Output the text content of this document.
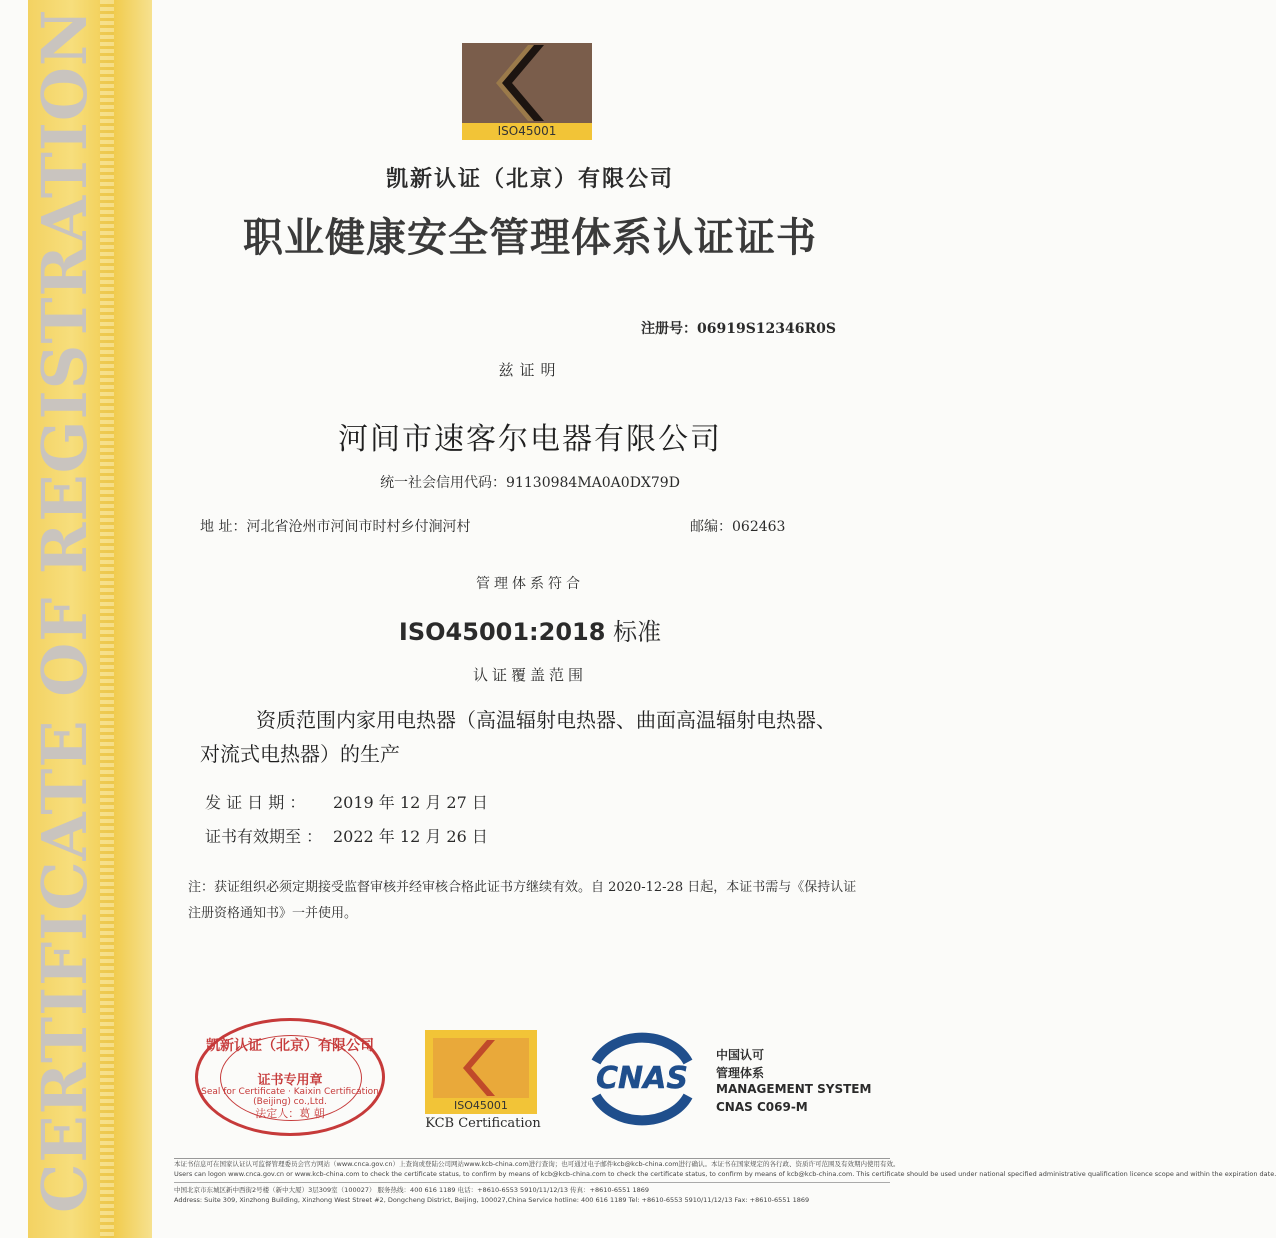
CERTIFICATE OF REGISTRATION	ISO45001
凯新认证（北京）有限公司
职业健康安全管理体系认证证书
注册号：06919S12346R0S
兹证明
河间市速客尔电器有限公司
统一社会信用代码：91130984MA0A0DX79D
地 址：河北省沧州市河间市时村乡付涧河村	邮编：062463
管理体系符合
ISO45001:2018 标准
认证覆盖范围
资质范围内家用电热器（高温辐射电热器、曲面高温辐射电热器、对流式电热器）的生产
发 证 日 期 ： 2019 年 12 月 27 日
证书有效期至 ： 2022 年 12 月 26 日
注：获证组织必须定期接受监督审核并经审核合格此证书方继续有效。自 2020-12-28 日起，本证书需与《保持认证注册资格通知书》一并使用。
凯新认证（北京）有限公司
证书专用章
Seal for Certificate · Kaixin Certification (Beijing) co.,Ltd.
法定人：葛 朝
ISO45001
KCB Certification
CNAS
中国认可
管理体系
MANAGEMENT SYSTEM
CNAS C069-M
本证书信息可在国家认证认可监督管理委员会官方网站（www.cnca.gov.cn）上查询或登陆公司网站www.kcb-china.com进行查询；也可通过电子邮件kcb@kcb-china.com进行确认。本证书在国家规定的各行政、资质许可范围及有效期内使用有效。
Users can logon www.cnca.gov.cn or www.kcb-china.com to check the certificate status, to confirm by means of kcb@kcb-china.com to check the certificate status, to confirm by means of kcb@kcb-china.com. This certificate should be used under national specified administrative qualification licence scope and within the expiration date.
中国北京市东城区新中西街2号楼（新中大厦）3层309室（100027） 服务热线：400 616 1189 电话：+8610-6553 5910/11/12/13 传真：+8610-6551 1869
Address: Suite 309, Xinzhong Building, Xinzhong West Street #2, Dongcheng District, Beijing, 100027,China Service hotline: 400 616 1189 Tel: +8610-6553 5910/11/12/13 Fax: +8610-6551 1869
